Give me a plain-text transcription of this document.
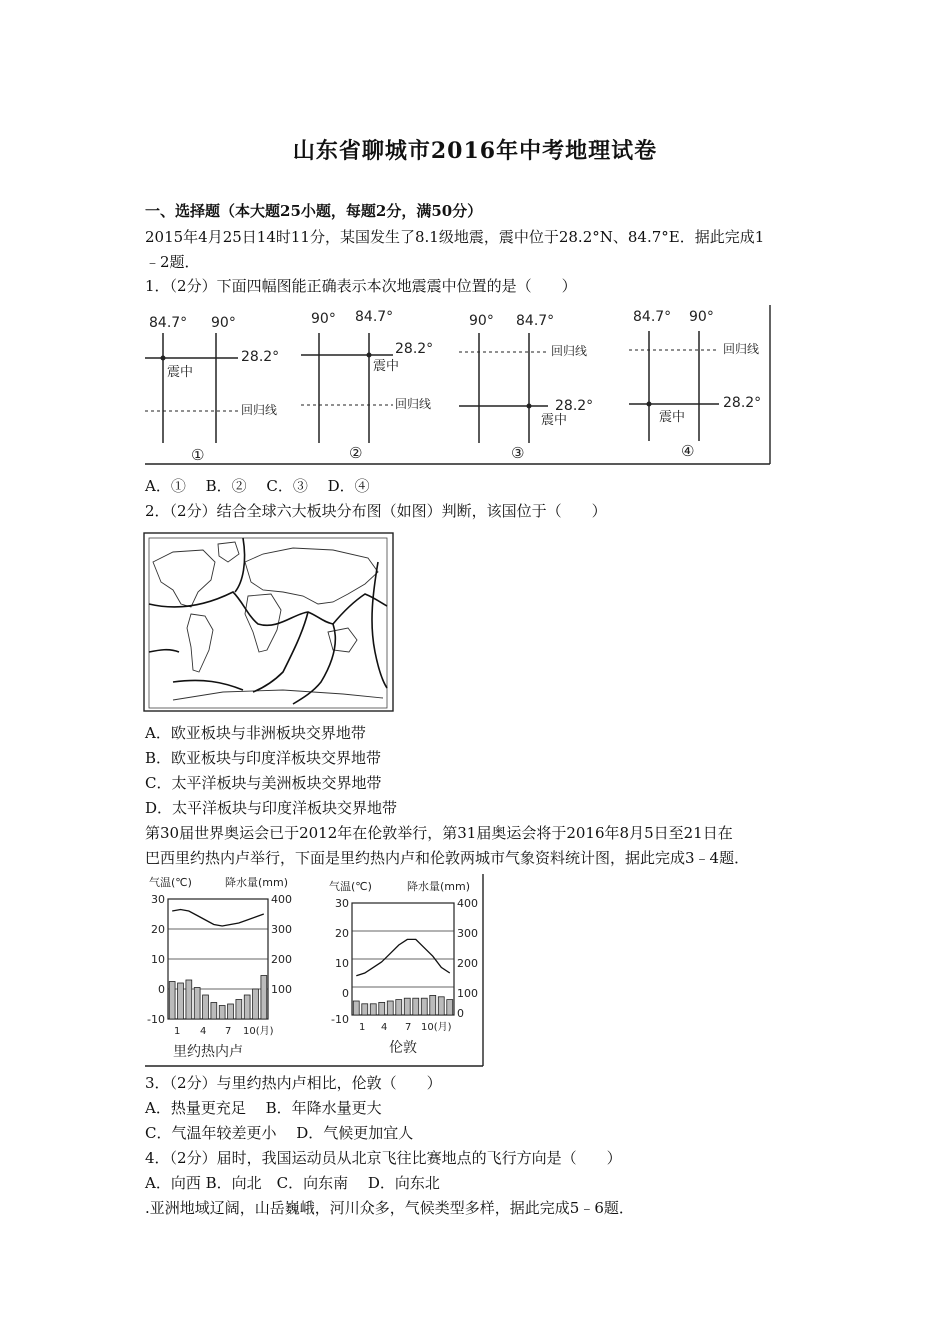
山东省聊城市2016年中考地理试卷
一、选择题（本大题25小题，每题2分，满50分）
2015年4月25日14时11分，某国发生了8.1级地震，震中位于28.2°N、84.7°E．据此完成1
﹣2题．
1．（2分）下面四幅图能正确表示本次地震震中位置的是（　　）
84.7° 90°
28.2°
回归线
震中
①
90° 84.7°
28.2°
回归线
震中
②
90° 84.7°
回归线
28.2°
震中
③
84.7° 90°
回归线
28.2°
震中
④
A．①　 B．②　 C．③　 D．④
2．（2分）结合全球六大板块分布图（如图）判断，该国位于（　　）
A．欧亚板块与非洲板块交界地带
B．欧亚板块与印度洋板块交界地带
C．太平洋板块与美洲板块交界地带
D．太平洋板块与印度洋板块交界地带
第30届世界奥运会已于2012年在伦敦举行，第31届奥运会将于2016年8月5日至21日在
巴西里约热内卢举行，下面是里约热内卢和伦敦两城市气象资料统计图，据此完成3﹣4题．
气温(℃)	降水量(mm)
里约热内卢
气温(℃)	降水量(mm)
伦敦
30
20
10
0
-10
400
300
200
100
1 4 7 10(月)
30
20
10
0
-10
400
300
200
100
0
1 4 7 10(月)
3．（2分）与里约热内卢相比，伦敦（　　）
A．热量更充足　 B．年降水量更大
C．气温年较差更小　 D．气候更加宜人
4．（2分）届时，我国运动员从北京飞往比赛地点的飞行方向是（　　）
A．向西 B．向北　C．向东南　 D．向东北
.亚洲地域辽阔，山岳巍峨，河川众多，气候类型多样，据此完成5﹣6题．
